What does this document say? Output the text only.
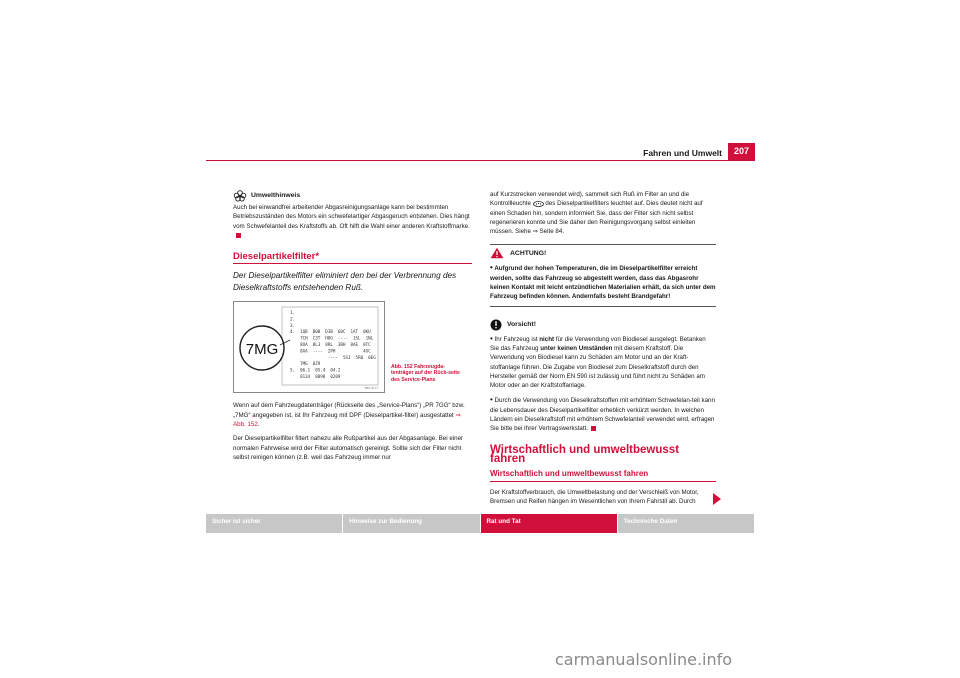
Fahren und Umwelt	207
Umwelthinweis

Auch bei einwandfrei arbeitender Abgasreinigungsanlage kann bei bestimmten Betriebszuständen des Motors ein schwefelartiger Abgasgeruch entstehen. Dies hängt vom Schwefelanteil des Kraftstoffs ab. Oft hilft die Wahl einer anderen Kraftstoffmarke.

Dieselpartikelfilter*
Der Dieselpartikelfilter eliminiert den bei der Verbrennung des Dieselkraftstoffs entstehenden Ruß.
7MG
1.
2.
3.
4.  1QB  B0B  D3B  60C  1AT  0KU
7CH  C3T  H0G  ----  1SL  1NL
8UA  8L3  8RL  3BH  0AE  0TC
8AA  ----  2PH           4GC
----  5SJ  5R0  0EG
7MG  8Z9
5.  06.1  05.4  04.2
0134  0098  0209
B5K-0177
Abb. 152 Fahrzeugda-tenträger auf der Rück-seite des Service-Plans

Wenn auf dem Fahrzeugdatenträger (Rückseite des „Service-Plans“) „PR 7GG“ bzw. „7MG“ angegeben ist, ist Ihr Fahrzeug mit DPF (Dieselpartikel-filter) ausgestattet ⇒ Abb. 152.

Der Dieselpartikelfilter filtert nahezu alle Rußpartikel aus der Abgasanlage. Bei einer normalen Fahrweise wird der Filter automatisch gereinigt. Sollte sich der Filter nicht selbst reinigen können (z.B. weil das Fahrzeug immer nur

auf Kurzstrecken verwendet wird), sammelt sich Ruß im Filter an und die Kontrollleuchte des Dieselpartikelfilters leuchtet auf. Dies deutet nicht auf einen Schaden hin, sondern informiert Sie, dass der Filter sich nicht selbst regenerieren konnte und Sie daher den Reinigungsvorgang selbst einleiten müssen. Siehe ⇒ Seite 84.

ACHTUNG!
• Aufgrund der hohen Temperaturen, die im Dieselpartikelfilter erreicht werden, sollte das Fahrzeug so abgestellt werden, dass das Abgasrohr keinen Kontakt mit leicht entzündlichen Materialien erhält, da sich unter dem Fahrzeug befinden können. Andernfalls besteht Brandgefahr!
Vorsicht!

• Ihr Fahrzeug ist nicht für die Verwendung von Biodiesel ausgelegt. Betanken Sie das Fahrzeug unter keinen Umständen mit diesem Kraftstoff. Die Verwendung von Biodiesel kann zu Schäden am Motor und an der Kraft-stoffanlage führen. Die Zugabe von Biodiesel zum Dieselkraftstoff durch den Hersteller gemäß der Norm EN 590 ist zulässig und führt nicht zu Schäden am Motor oder an der Kraftstoffanlage.

• Durch die Verwendung von Dieselkraftstoffen mit erhöhtem Schwefelan-teil kann die Lebensdauer des Dieselpartikelfilter erheblich verkürzt werden. In welchen Ländern ein Dieselkraftstoff mit erhöhtem Schwefelanteil verwendet wird, erfragen Sie bitte bei Ihrer Vertragswerkstatt.

Wirtschaftlich und umweltbewusst fahren
Wirtschaftlich und umweltbewusst fahren

Der Kraftstoffverbrauch, die Umweltbelastung und der Verschleiß von Motor, Bremsen und Reifen hängen im Wesentlichen von Ihrem Fahrstil ab. Durch

Sicher ist sicher	Hinweise zur Bedienung	Rat und Tat	Technische Daten
carmanualsonline.info
